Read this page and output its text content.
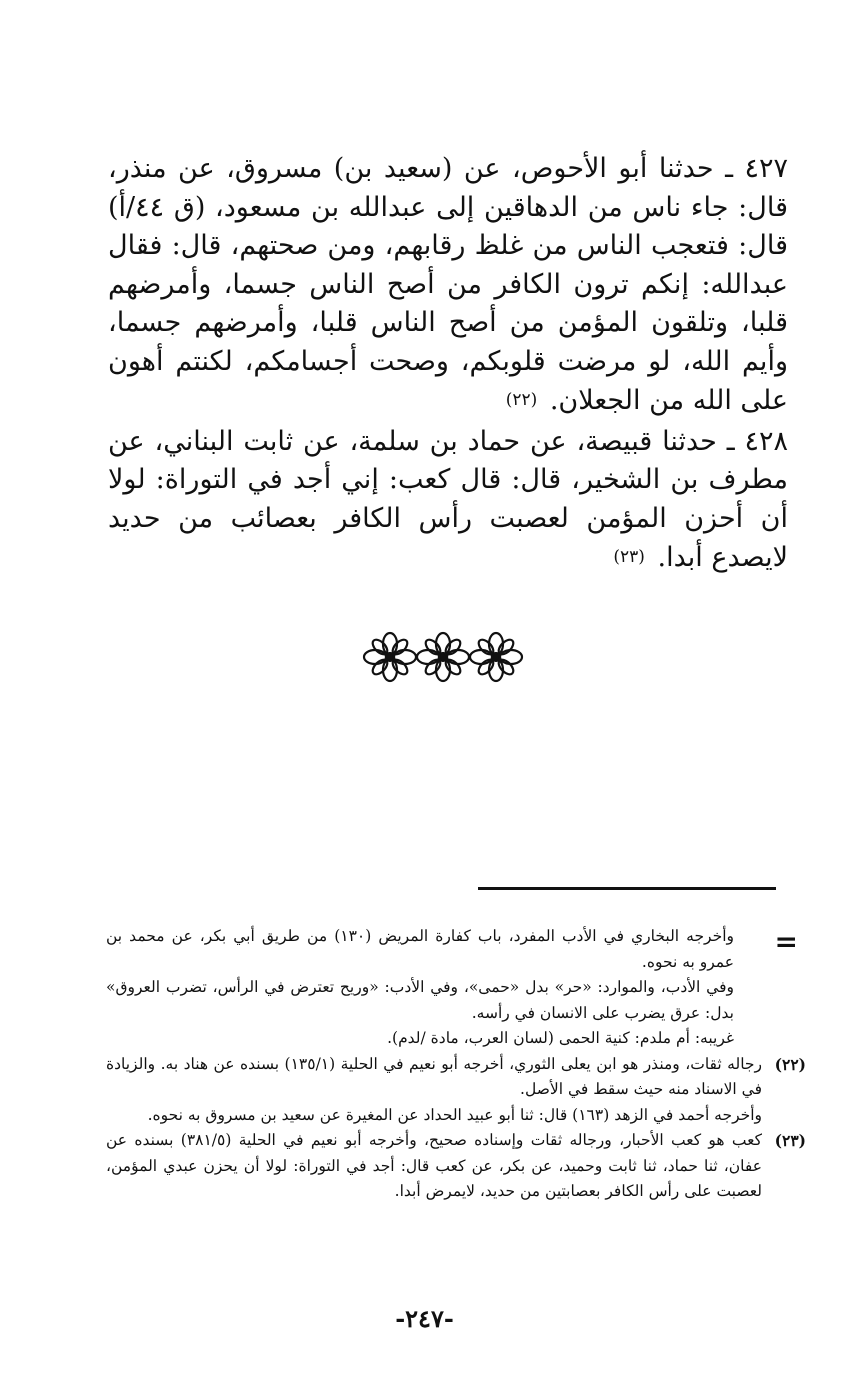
٤٢٧ ـ حدثنا أبو الأحوص، عن (سعيد بن) مسروق، عن منذر، قال: جاء ناس من الدهاقين إلى عبدالله بن مسعود، (ق ٤٤/أ) قال: فتعجب الناس من غلظ رقابهم، ومن صحتهم، قال: فقال عبدالله: إنكم ترون الكافر من أصح الناس جسما، وأمرضهم قلبا، وتلقون المؤمن من أصح الناس قلبا، وأمرضهم جسما، وأيم الله، لو مرضت قلوبكم، وصحت أجسامكم، لكنتم أهون على الله من الجعلان. (٢٢)

٤٢٨ ـ حدثنا قبيصة، عن حماد بن سلمة، عن ثابت البناني، عن مطرف بن الشخير، قال: قال كعب: إني أجد في التوراة: لولا أن أحزن المؤمن لعصبت رأس الكافر بعصائب من حديد لايصدع أبدا. (٢٣)

=

وأخرجه البخاري في الأدب المفرد، باب كفارة المريض (١٣٠) من طريق أبي بكر، عن محمد بن عمرو به نحوه.

وفي الأدب، والموارد: «حر» بدل «حمى»، وفي الأدب: «وريح تعترض في الرأس، تضرب العروق» بدل: عرق يضرب على الانسان في رأسه.

غريبه: أم ملدم: كنية الحمى (لسان العرب، مادة /لدم).

(٢٢)

رجاله ثقات، ومنذر هو ابن يعلى الثوري، أخرجه أبو نعيم في الحلية (١٣٥/١) بسنده عن هناد به. والزيادة في الاسناد منه حيث سقط في الأصل.

وأخرجه أحمد في الزهد (١٦٣) قال: ثنا أبو عبيد الحداد عن المغيرة عن سعيد بن مسروق به نحوه.

(٢٣)

كعب هو كعب الأحبار، ورجاله ثقات وإسناده صحيح، وأخرجه أبو نعيم في الحلية (٣٨١/٥) بسنده عن عفان، ثنا حماد، ثنا ثابت وحميد، عن بكر، عن كعب قال: أجد في التوراة: لولا أن يحزن عبدي المؤمن، لعصبت على رأس الكافر بعصابتين من حديد، لايمرض أبدا.

-٢٤٧-
